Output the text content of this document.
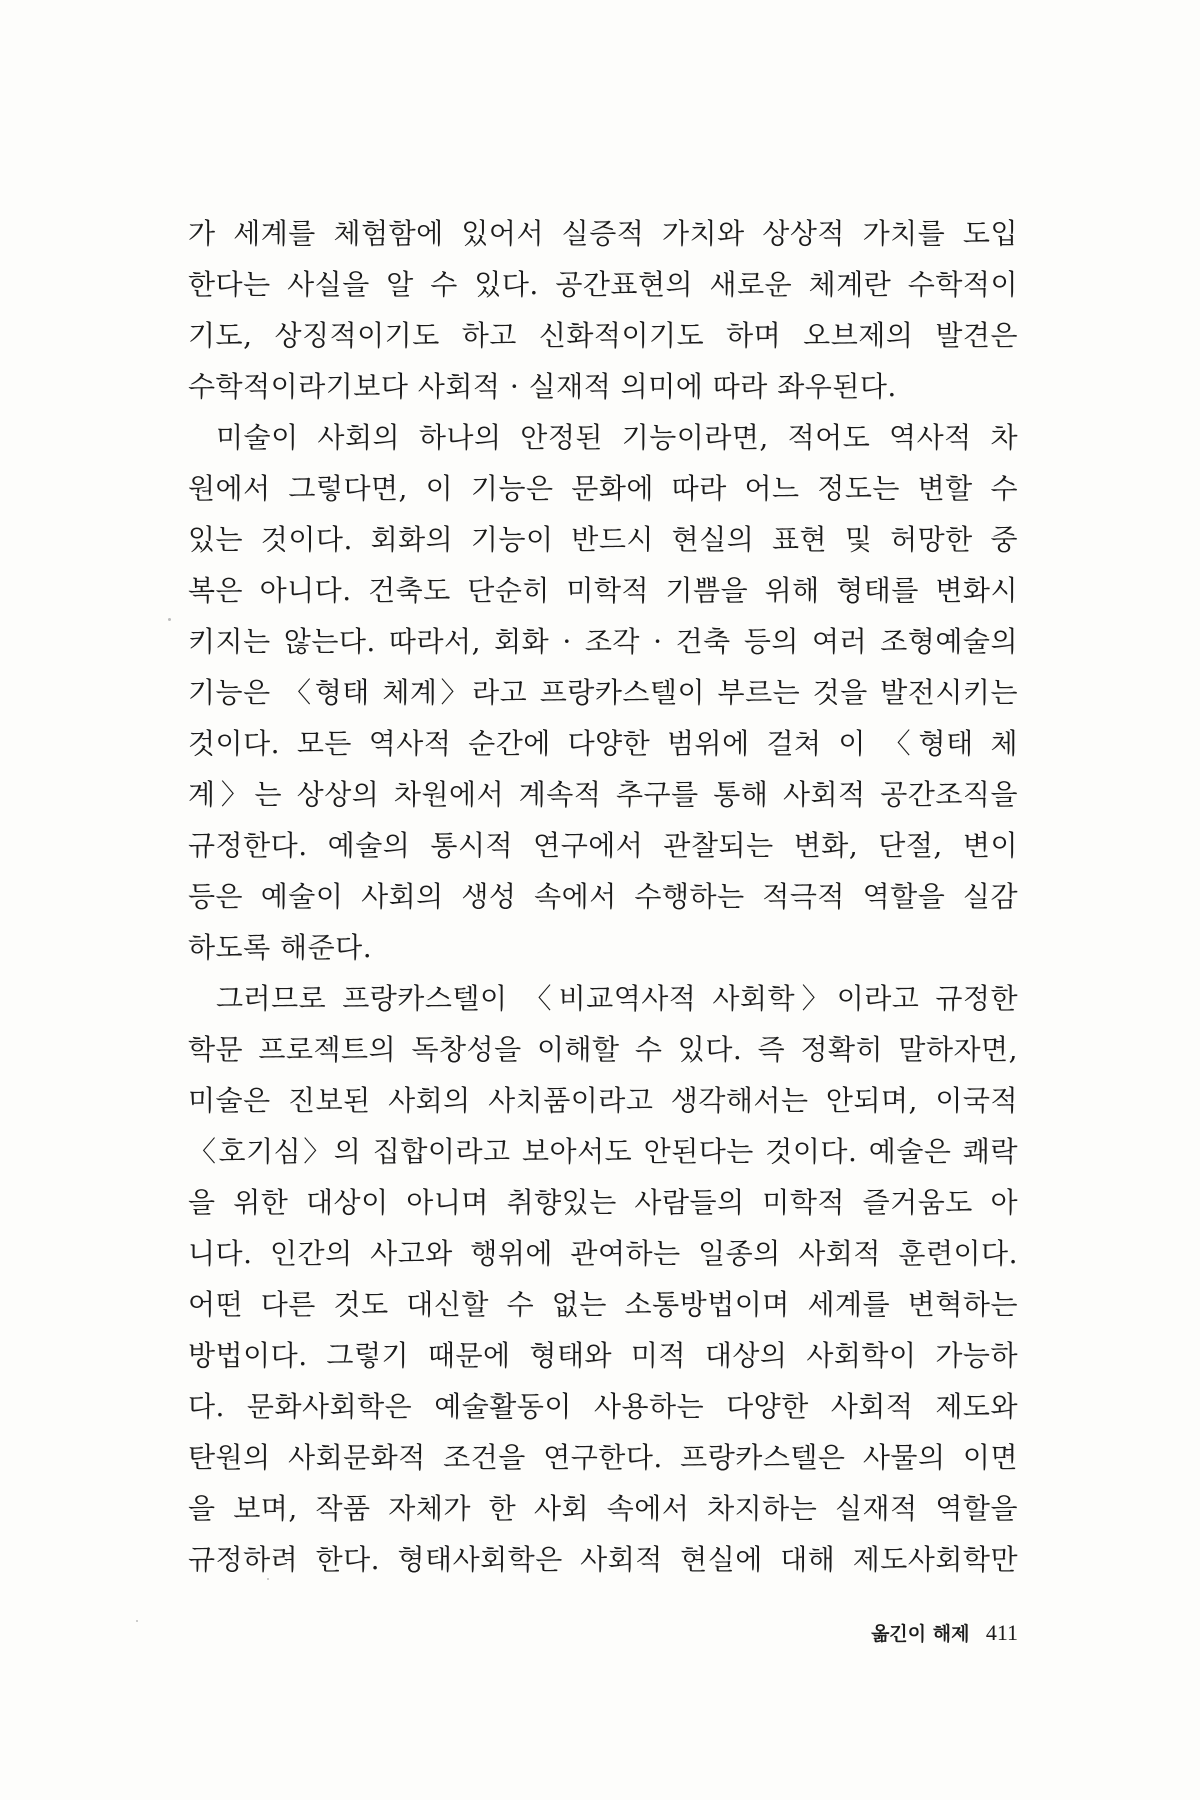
가 세계를 체험함에 있어서 실증적 가치와 상상적 가치를 도입
한다는 사실을 알 수 있다. 공간표현의 새로운 체계란 수학적이
기도, 상징적이기도 하고 신화적이기도 하며 오브제의 발견은
수학적이라기보다 사회적 · 실재적 의미에 따라 좌우된다.
미술이 사회의 하나의 안정된 기능이라면, 적어도 역사적 차
원에서 그렇다면, 이 기능은 문화에 따라 어느 정도는 변할 수
있는 것이다. 회화의 기능이 반드시 현실의 표현 및 허망한 중
복은 아니다. 건축도 단순히 미학적 기쁨을 위해 형태를 변화시
키지는 않는다. 따라서, 회화 · 조각 · 건축 등의 여러 조형예술의
기능은 〈형태 체계〉라고 프랑카스텔이 부르는 것을 발전시키는
것이다. 모든 역사적 순간에 다양한 범위에 걸쳐 이 〈형태 체
계〉는 상상의 차원에서 계속적 추구를 통해 사회적 공간조직을
규정한다. 예술의 통시적 연구에서 관찰되는 변화, 단절, 변이
등은 예술이 사회의 생성 속에서 수행하는 적극적 역할을 실감
하도록 해준다.
그러므로 프랑카스텔이 〈비교역사적 사회학〉이라고 규정한
학문 프로젝트의 독창성을 이해할 수 있다. 즉 정확히 말하자면,
미술은 진보된 사회의 사치품이라고 생각해서는 안되며, 이국적
〈호기심〉의 집합이라고 보아서도 안된다는 것이다. 예술은 쾌락
을 위한 대상이 아니며 취향있는 사람들의 미학적 즐거움도 아
니다. 인간의 사고와 행위에 관여하는 일종의 사회적 훈련이다.
어떤 다른 것도 대신할 수 없는 소통방법이며 세계를 변혁하는
방법이다. 그렇기 때문에 형태와 미적 대상의 사회학이 가능하
다. 문화사회학은 예술활동이 사용하는 다양한 사회적 제도와
탄원의 사회문화적 조건을 연구한다. 프랑카스텔은 사물의 이면
을 보며, 작품 자체가 한 사회 속에서 차지하는 실재적 역할을
규정하려 한다. 형태사회학은 사회적 현실에 대해 제도사회학만
옮긴이 해제 411
